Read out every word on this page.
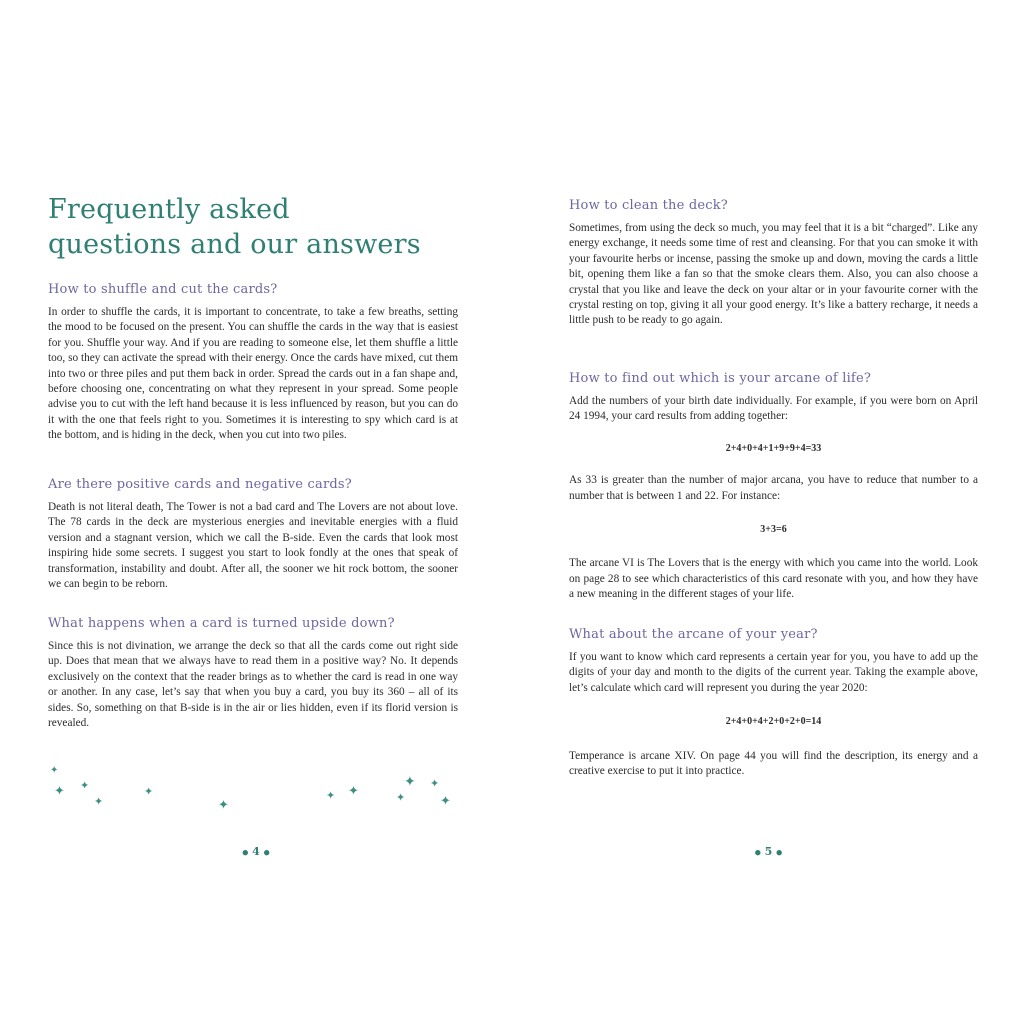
Frequently asked
questions and our answers
How to shuffle and cut the cards?

In order to shuffle the cards, it is important to concentrate, to take a few breaths, setting the mood to be focused on the present. You can shuffle the cards in the way that is easiest for you. Shuffle your way. And if you are reading to someone else, let them shuffle a little too, so they can activate the spread with their energy. Once the cards have mixed, cut them into two or three piles and put them back in order. Spread the cards out in a fan shape and, before choosing one, concentrating on what they represent in your spread. Some people advise you to cut with the left hand because it is less influenced by reason, but you can do it with the one that feels right to you. Sometimes it is interesting to spy which card is at the bottom, and is hiding in the deck, when you cut into two piles.

Are there positive cards and negative cards?

Death is not literal death, The Tower is not a bad card and The Lovers are not about love. The 78 cards in the deck are mysterious energies and inevitable energies with a fluid version and a stagnant version, which we call the B-side. Even the cards that look most inspiring hide some secrets. I suggest you start to look fondly at the ones that speak of transformation, instability and doubt. After all, the sooner we hit rock bottom, the sooner we can begin to be reborn.

What happens when a card is turned upside down?

Since this is not divination, we arrange the deck so that all the cards come out right side up. Does that mean that we always have to read them in a positive way? No. It depends exclusively on the context that the reader brings as to whether the card is read in one way or another. In any case, let’s say that when you buy a card, you buy its 360 – all of its sides. So, something on that B-side is in the air or lies hidden, even if its florid version is revealed.

✦
✦ ✦
✦
✦
✦
✦ ✦	✦
✦ ✦
✦
● 4 ●
How to clean the deck?

Sometimes, from using the deck so much, you may feel that it is a bit “charged”. Like any energy exchange, it needs some time of rest and cleansing. For that you can smoke it with your favourite herbs or incense, passing the smoke up and down, moving the cards a little bit, opening them like a fan so that the smoke clears them. Also, you can also choose a crystal that you like and leave the deck on your altar or in your favourite corner with the crystal resting on top, giving it all your good energy. It’s like a battery recharge, it needs a little push to be ready to go again.

How to find out which is your arcane of life?

Add the numbers of your birth date individually. For example, if you were born on April 24 1994, your card results from adding together:

2+4+0+4+1+9+9+4=33

As 33 is greater than the number of major arcana, you have to reduce that number to a number that is between 1 and 22. For instance:

3+3=6

The arcane VI is The Lovers that is the energy with which you came into the world. Look on page 28 to see which characteristics of this card resonate with you, and how they have a new meaning in the different stages of your life.

What about the arcane of your year?

If you want to know which card represents a certain year for you, you have to add up the digits of your day and month to the digits of the current year. Taking the example above, let’s calculate which card will represent you during the year 2020:

2+4+0+4+2+0+2+0=14

Temperance is arcane XIV. On page 44 you will find the description, its energy and a creative exercise to put it into practice.

● 5 ●
